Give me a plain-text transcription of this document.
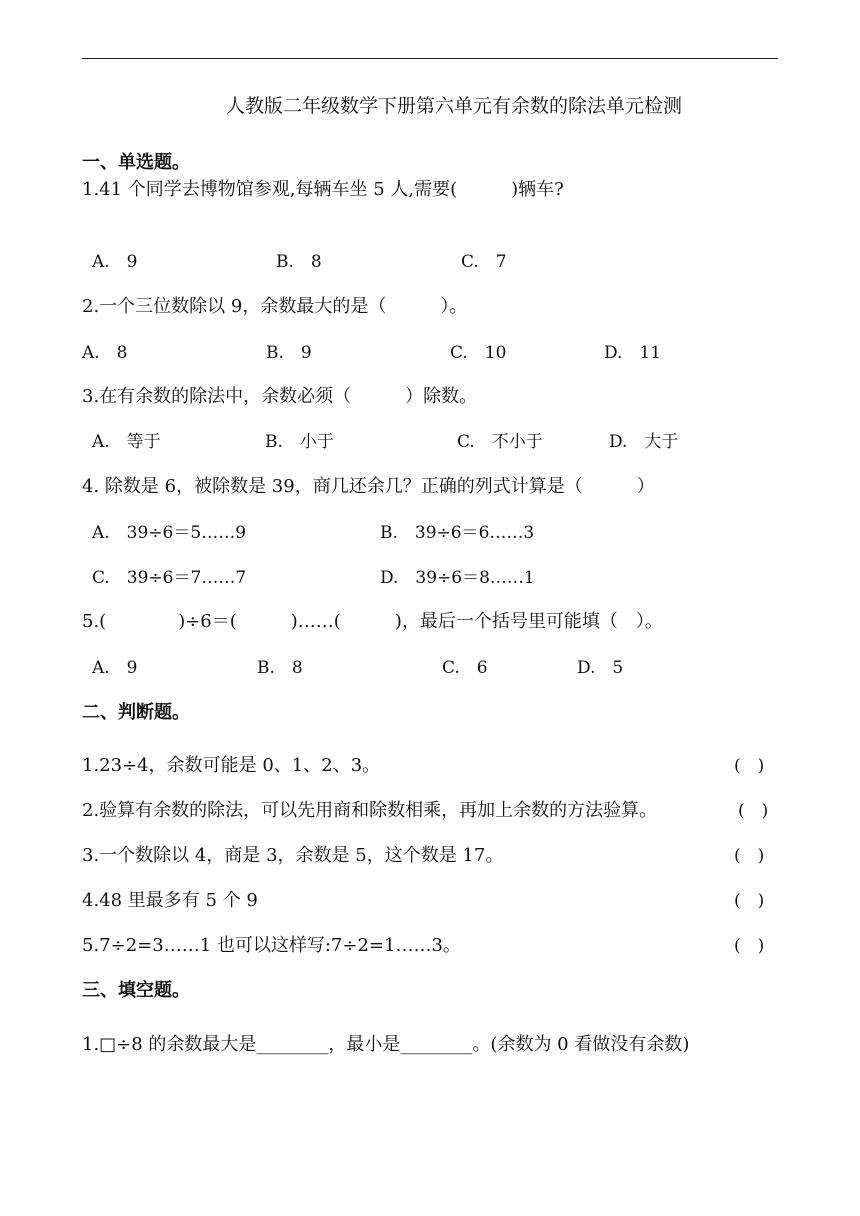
人教版二年级数学下册第六单元有余数的除法单元检测
一、单选题。
1.41 个同学去博物馆参观,每辆车坐 5 人,需要(　　　)辆车?
A.　9	B.　8	C.　7
2.一个三位数除以 9，余数最大的是（　　　）。
A.　8	B.　9	C.　10	D.　11
3.在有余数的除法中，余数必须（　　　）除数。
A.　等于	B.　小于	C.　不小于	D.　大于
4. 除数是 6，被除数是 39，商几还余几？正确的列式计算是（　　　）
A.　39÷6＝5……9	B.　39÷6＝6……3
C.　39÷6＝7……7	D.　39÷6＝8……1
5.(　　　　)÷6＝(　　　)……(　　　)，最后一个括号里可能填（　）。
A.　9	B.　8	C.　6	D.　5
二、判断题。
1.23÷4，余数可能是 0、1、2、3。	(　)
2.验算有余数的除法，可以先用商和除数相乘，再加上余数的方法验算。	(　)
3.一个数除以 4，商是 3，余数是 5，这个数是 17。	(　)
4.48 里最多有 5 个 9	(　)
5.7÷2=3……1 也可以这样写:7÷2=1……3。	(　)
三、填空题。
1.□÷8 的余数最大是________，最小是________。(余数为 0 看做没有余数)
